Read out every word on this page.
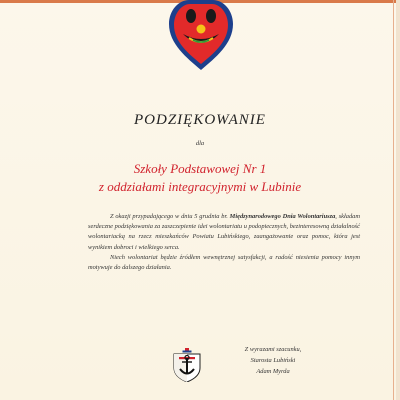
PODZIĘKOWANIE
dla
Szkoły Podstawowej Nr 1
z oddziałami integracyjnymi w Lubinie

Z okazji przypadającego w dniu 5 grudnia br. Międzynarodowego Dnia Wolontariusza, składam serdeczne podziękowania za zaszczepienie idei wolontariatu u podopiecznych, bezinteresowną działalność wolontariacką na rzecz mieszkańców Powiatu Lubińskiego, zaangażowanie oraz pomoc, która jest wynikiem dobroci i wielkiego serca.

Niech wolontariat będzie źródłem wewnętrznej satysfakcji, a radość niesienia pomocy innym motywuje do dalszego działania.

Z wyrazami szacunku,
Starosta Lubiński
Adam Myrda
